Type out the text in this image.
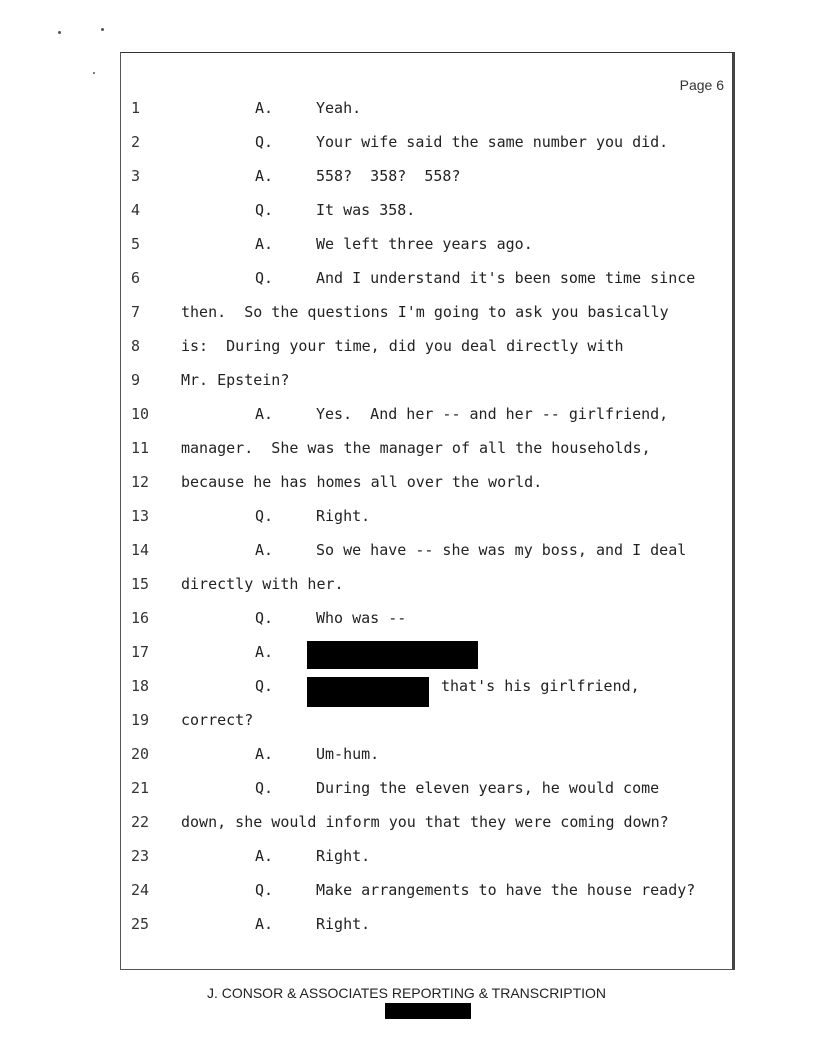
Page 6
1	A.	Yeah.
2	Q.	Your wife said the same number you did.
3	A.	558?  358?  558?
4	Q.	It was 358.
5	A.	We left three years ago.
6	Q.	And I understand it's been some time since
7	then.  So the questions I'm going to ask you basically
8	is:  During your time, did you deal directly with
9	Mr. Epstein?
10	A.	Yes.  And her -- and her -- girlfriend,
11	manager.  She was the manager of all the households,
12	because he has homes all over the world.
13	Q.	Right.
14	A.	So we have -- she was my boss, and I deal
15	directly with her.
16	Q.	Who was --
17	A.
18	Q.	that's his girlfriend,
19	correct?
20	A.	Um-hum.
21	Q.	During the eleven years, he would come
22	down, she would inform you that they were coming down?
23	A.	Right.
24	Q.	Make arrangements to have the house ready?
25	A.	Right.
J. CONSOR & ASSOCIATES REPORTING & TRANSCRIPTION
